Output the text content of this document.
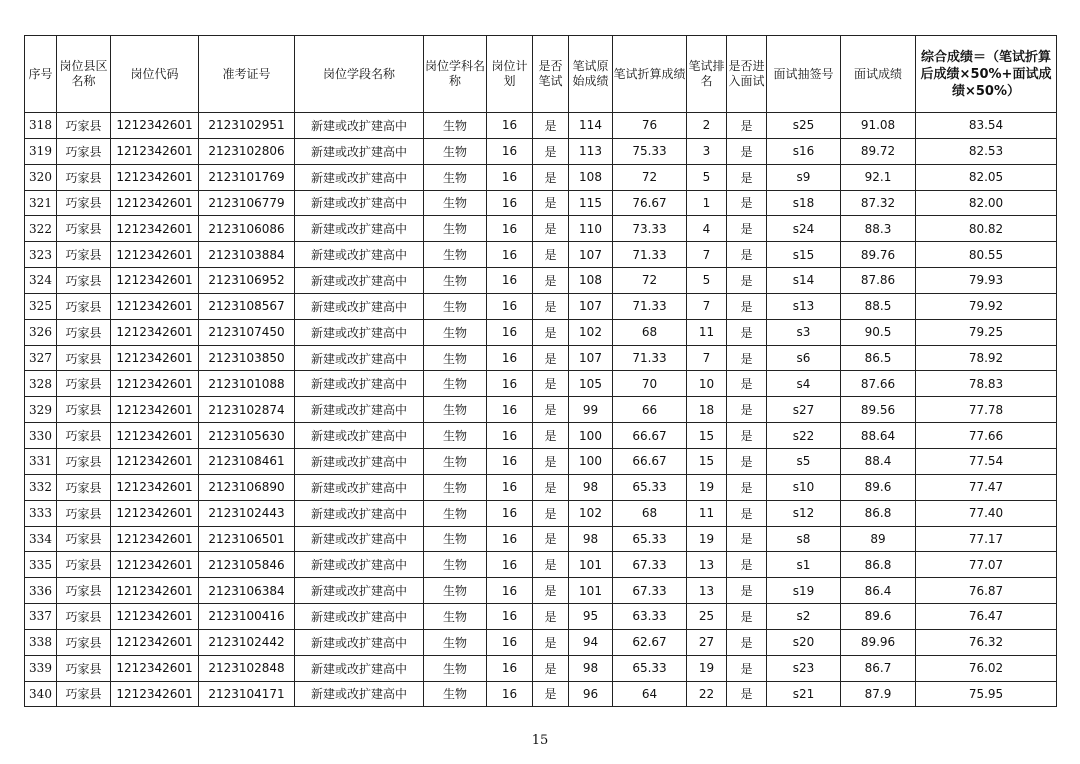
序号	岗位县区名称	岗位代码	准考证号	岗位学段名称	岗位学科名称	岗位计划	是否笔试	笔试原始成绩	笔试折算成绩	笔试排名	是否进入面试	面试抽签号	面试成绩	综合成绩＝（笔试折算后成绩×50%+面试成绩×50%）
318	巧家县	1212342601	2123102951	新建或改扩建高中	生物	16	是	114	76	2	是	s25	91.08	83.54
319	巧家县	1212342601	2123102806	新建或改扩建高中	生物	16	是	113	75.33	3	是	s16	89.72	82.53
320	巧家县	1212342601	2123101769	新建或改扩建高中	生物	16	是	108	72	5	是	s9	92.1	82.05
321	巧家县	1212342601	2123106779	新建或改扩建高中	生物	16	是	115	76.67	1	是	s18	87.32	82.00
322	巧家县	1212342601	2123106086	新建或改扩建高中	生物	16	是	110	73.33	4	是	s24	88.3	80.82
323	巧家县	1212342601	2123103884	新建或改扩建高中	生物	16	是	107	71.33	7	是	s15	89.76	80.55
324	巧家县	1212342601	2123106952	新建或改扩建高中	生物	16	是	108	72	5	是	s14	87.86	79.93
325	巧家县	1212342601	2123108567	新建或改扩建高中	生物	16	是	107	71.33	7	是	s13	88.5	79.92
326	巧家县	1212342601	2123107450	新建或改扩建高中	生物	16	是	102	68	11	是	s3	90.5	79.25
327	巧家县	1212342601	2123103850	新建或改扩建高中	生物	16	是	107	71.33	7	是	s6	86.5	78.92
328	巧家县	1212342601	2123101088	新建或改扩建高中	生物	16	是	105	70	10	是	s4	87.66	78.83
329	巧家县	1212342601	2123102874	新建或改扩建高中	生物	16	是	99	66	18	是	s27	89.56	77.78
330	巧家县	1212342601	2123105630	新建或改扩建高中	生物	16	是	100	66.67	15	是	s22	88.64	77.66
331	巧家县	1212342601	2123108461	新建或改扩建高中	生物	16	是	100	66.67	15	是	s5	88.4	77.54
332	巧家县	1212342601	2123106890	新建或改扩建高中	生物	16	是	98	65.33	19	是	s10	89.6	77.47
333	巧家县	1212342601	2123102443	新建或改扩建高中	生物	16	是	102	68	11	是	s12	86.8	77.40
334	巧家县	1212342601	2123106501	新建或改扩建高中	生物	16	是	98	65.33	19	是	s8	89	77.17
335	巧家县	1212342601	2123105846	新建或改扩建高中	生物	16	是	101	67.33	13	是	s1	86.8	77.07
336	巧家县	1212342601	2123106384	新建或改扩建高中	生物	16	是	101	67.33	13	是	s19	86.4	76.87
337	巧家县	1212342601	2123100416	新建或改扩建高中	生物	16	是	95	63.33	25	是	s2	89.6	76.47
338	巧家县	1212342601	2123102442	新建或改扩建高中	生物	16	是	94	62.67	27	是	s20	89.96	76.32
339	巧家县	1212342601	2123102848	新建或改扩建高中	生物	16	是	98	65.33	19	是	s23	86.7	76.02
340	巧家县	1212342601	2123104171	新建或改扩建高中	生物	16	是	96	64	22	是	s21	87.9	75.95
15
